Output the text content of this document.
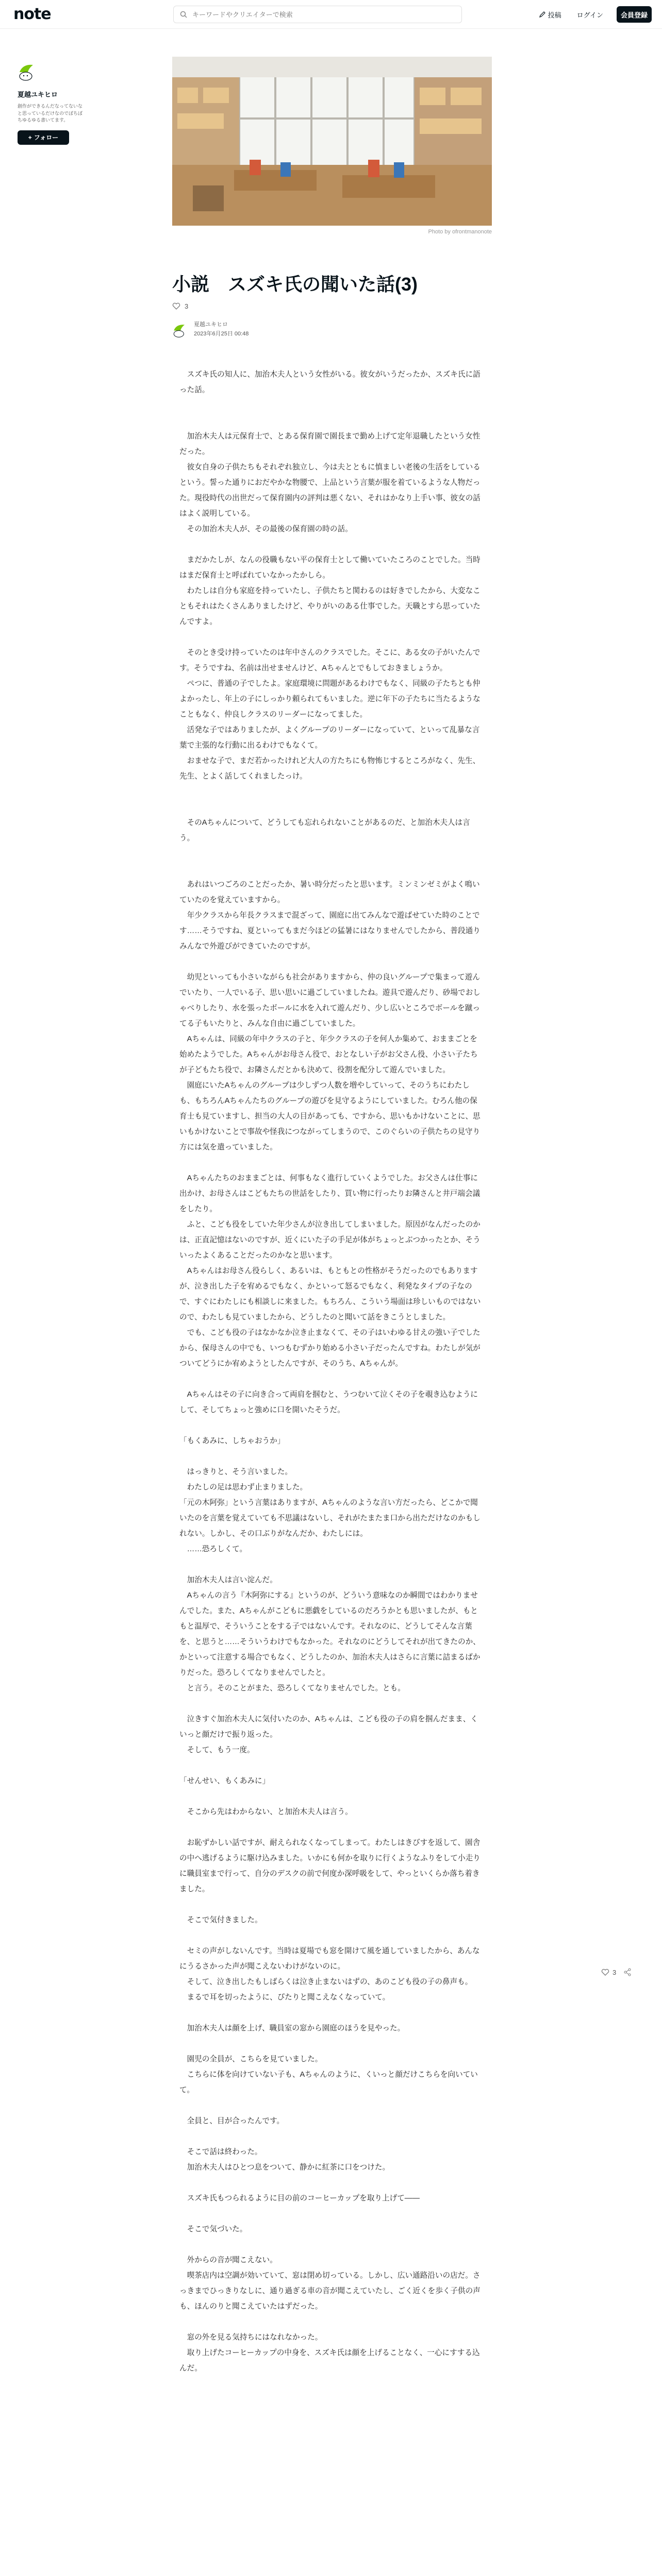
note
キーワードやクリエイターで検索	投稿 ログイン	会員登録
夏越ユキヒロ
創作ができるんだなってないなと思っているだけなのでぼちぼちゆるゆる書いてます。
+ フォロー
Photo by ofrontmanonote
小説　スズキ氏の聞いた話(3)
3
夏越ユキヒロ
2023年6月25日 00:48

　スズキ氏の知人に、加治木夫人という女性がいる。彼女がいうだったか、スズキ氏に語った話。

　加治木夫人は元保育士で、とある保育園で園長まで勤め上げて定年退職したという女性だった。
　彼女自身の子供たちもそれぞれ独立し、今は夫とともに慎ましい老後の生活をしているという。誓った通りにおだやかな物腰で、上品という言葉が服を着ているような人物だった。現役時代の出世だって保育園内の評判は悪くない、それはかなり上手い事、彼女の話はよく説明している。
　その加治木夫人が、その最後の保育園の時の話。

　まだかたしが、なんの役職もない平の保育士として働いていたころのことでした。当時はまだ保育士と呼ばれていなかったかしら。
　わたしは自分も家庭を持っていたし、子供たちと関わるのは好きでしたから、大変なこともそれはたくさんありましたけど、やりがいのある仕事でした。天職とすら思っていたんですよ。

　そのとき受け持っていたのは年中さんのクラスでした。そこに、ある女の子がいたんです。そうですね、名前は出せませんけど、Aちゃんとでもしておきましょうか。
　ぺつに、普通の子でしたよ。家庭環境に問題があるわけでもなく、同級の子たちとも仲よかったし、年上の子にしっかり頼られてもいました。逆に年下の子たちに当たるようなこともなく、仲良しクラスのリーダーになってました。
　活発な子ではありましたが、よくグループのリーダーになっていて、といって乱暴な言葉で主張的な行動に出るわけでもなくて。
　おませな子で、まだ若かったけれど大人の方たちにも物怖じするところがなく、先生、先生、とよく話してくれましたっけ。

　そのAちゃんについて、どうしても忘れられないことがあるのだ、と加治木夫人は言う。

　あれはいつごろのことだったか、暑い時分だったと思います。ミンミンゼミがよく鳴いていたのを覚えていますから。
　年少クラスから年長クラスまで混ざって、園庭に出てみんなで遊ばせていた時のことです……そうですね、夏といってもまだ今ほどの猛暑にはなりませんでしたから、普段通りみんなで外遊びができていたのですが。

　幼児といっても小さいながらも社会がありますから、仲の良いグループで集まって遊んでいたり、一人でいる子、思い思いに過ごしていましたね。遊具で遊んだり、砂場でおしゃべりしたり、水を張ったボールに水を入れて遊んだり、少し広いところでボールを蹴ってる子もいたりと、みんな自由に過ごしていました。
　Aちゃんは、同級の年中クラスの子と、年少クラスの子を何人か集めて、おままごとを始めたようでした。Aちゃんがお母さん役で、おとなしい子がお父さん役、小さい子たちが子どもたち役で、お隣さんだとかも決めて、役割を配分して遊んでいました。
　園庭にいたAちゃんのグループは少しずつ人数を増やしていって、そのうちにわたしも、もちろんAちゃんたちのグループの遊びを見守るようにしていました。むろん他の保育士も見ていますし、担当の大人の目があっても、ですから、思いもかけないことに、思いもかけないことで事故や怪我につながってしまうので、このぐらいの子供たちの見守り方には気を遣っていました。

　Aちゃんたちのおままごとは、何事もなく進行していくようでした。お父さんは仕事に出かけ、お母さんはこどもたちの世話をしたり、買い物に行ったりお隣さんと井戸端会議をしたり。
　ふと、こども役をしていた年少さんが泣き出してしまいました。原因がなんだったのかは、正直記憶はないのですが、近くにいた子の手足が体がちょっとぶつかったとか、そういったよくあることだったのかなと思います。
　Aちゃんはお母さん役らしく、あるいは、もともとの性格がそうだったのでもありますが、泣き出した子を宥めるでもなく、かといって怒るでもなく、利発なタイプの子なので、すぐにわたしにも相談しに来ました。もちろん、こういう場面は珍しいものではないので、わたしも見ていましたから、どうしたのと聞いて話をきこうとしました。
　でも、こども役の子はなかなか泣き止まなくて、その子はいわゆる甘えの強い子でしたから、保母さんの中でも、いつもむずかり始める小さい子だったんですね。わたしが気がついてどうにか宥めようとしたんですが、そのうち、Aちゃんが。

　Aちゃんはその子に向き合って両肩を掴むと、うつむいて泣くその子を覗き込むようにして、そしてちょっと強めに口を開いたそうだ。

「もくあみに、しちゃおうか」

　はっきりと、そう言いました。
　わたしの足は思わず止まりました。
「元の木阿弥」という言葉はありますが、Aちゃんのような言い方だったら、どこかで聞いたのを言葉を覚えていても不思議はないし、それがたまたま口から出ただけなのかもしれない。しかし、その口ぶりがなんだか、わたしには。
　……恐ろしくて。

　加治木夫人は言い淀んだ。
　Aちゃんの言う『木阿弥にする』というのが、どういう意味なのか瞬間ではわかりませんでした。また、Aちゃんがこどもに悪戯をしているのだろうかとも思いましたが、もともと温厚で、そういうことをする子ではないんです。それなのに、どうしてそんな言葉を、と思うと……そういうわけでもなかった。それなのにどうしてそれが出てきたのか、かといって注意する場合でもなく、どうしたのか、加治木夫人はさらに言葉に詰まるばかりだった。恐ろしくてなりませんでしたと。
　と言う。そのことがまた、恐ろしくてなりませんでした。とも。

　泣きすぐ加治木夫人に気付いたのか、Aちゃんは、こども役の子の肩を掴んだまま、くいっと顔だけで振り返った。
　そして、もう一度。

「せんせい、もくあみに」

　そこから先はわからない、と加治木夫人は言う。

　お恥ずかしい話ですが、耐えられなくなってしまって。わたしはきびすを返して、園舎の中へ逃げるように駆け込みました。いかにも何かを取りに行くようなふりをして小走りに職員室まで行って、自分のデスクの前で何度か深呼吸をして、やっといくらか落ち着きました。

　そこで気付きました。

　セミの声がしないんです。当時は夏場でも窓を開けて風を通していましたから、あんなにうるさかった声が聞こえないわけがないのに。
　そして、泣き出したもしばらくは泣き止まないはずの、あのこども役の子の鼻声も。
　まるで耳を切ったように、ぴたりと聞こえなくなっていて。

　加治木夫人は顔を上げ、職員室の窓から園庭のほうを見やった。

　園児の全員が、こちらを見ていました。
　こちらに体を向けていない子も、Aちゃんのように、くいっと顔だけこちらを向いていて。

　全員と、目が合ったんです。

　そこで話は終わった。
　加治木夫人はひとつ息をついて、静かに紅茶に口をつけた。

　スズキ氏もつられるように目の前のコーヒーカップを取り上げて――

　そこで気づいた。

　外からの音が聞こえない。
　喫茶店内は空調が効いていて、窓は閉め切っている。しかし、広い通路沿いの店だ。さっきまでひっきりなしに、通り過ぎる車の音が聞こえていたし、ごく近くを歩く子供の声も、ほんのりと聞こえていたはずだった。

　窓の外を見る気持ちにはなれなかった。
　取り上げたコーヒーカップの中身を、スズキ氏は顔を上げることなく、一心にすする込んだ。

3
